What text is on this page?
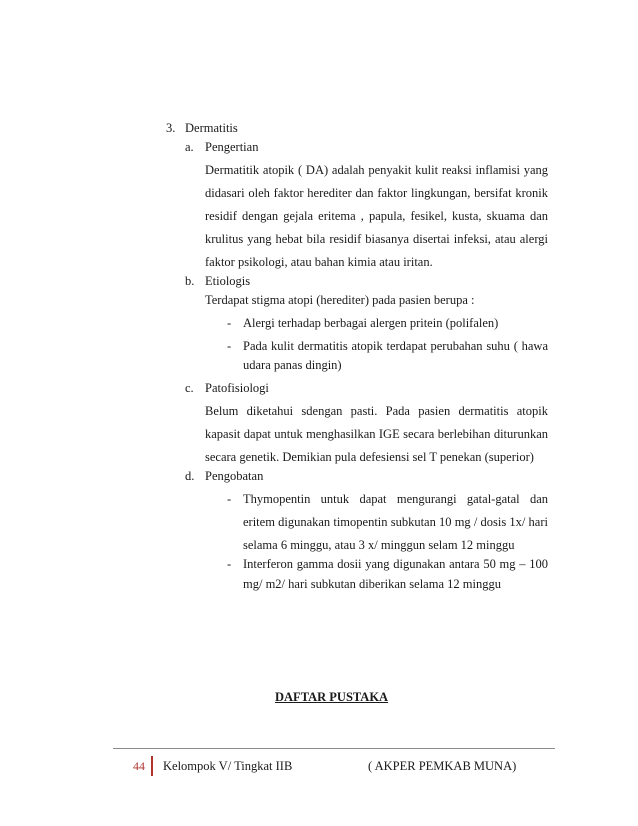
3. Dermatitis
a. Pengertian
Dermatitik atopik ( DA) adalah penyakit kulit reaksi inflamisi yang
didasari oleh faktor herediter dan faktor lingkungan, bersifat kronik
residif dengan gejala eritema , papula, fesikel, kusta, skuama dan
krulitus yang hebat bila residif biasanya disertai infeksi, atau alergi
faktor psikologi, atau bahan kimia atau iritan.
b. Etiologis
Terdapat stigma atopi (herediter) pada pasien berupa :
- Alergi terhadap berbagai alergen pritein (polifalen)
- Pada kulit dermatitis atopik terdapat perubahan suhu ( hawa
udara panas dingin)
c. Patofisiologi
Belum diketahui sdengan pasti. Pada pasien dermatitis atopik
kapasit dapat untuk menghasilkan IGE secara berlebihan diturunkan
secara genetik. Demikian pula defesiensi sel T penekan (superior)
d. Pengobatan
- Thymopentin untuk dapat mengurangi gatal-gatal dan
eritem digunakan timopentin subkutan 10 mg / dosis 1x/ hari
selama 6 minggu, atau 3 x/ minggun selam 12 minggu
- Interferon gamma dosii yang digunakan antara 50 mg – 100
mg/ m2/ hari subkutan diberikan selama 12 minggu
DAFTAR PUSTAKA
44	Kelompok V/ Tingkat IIB	( AKPER PEMKAB MUNA)
